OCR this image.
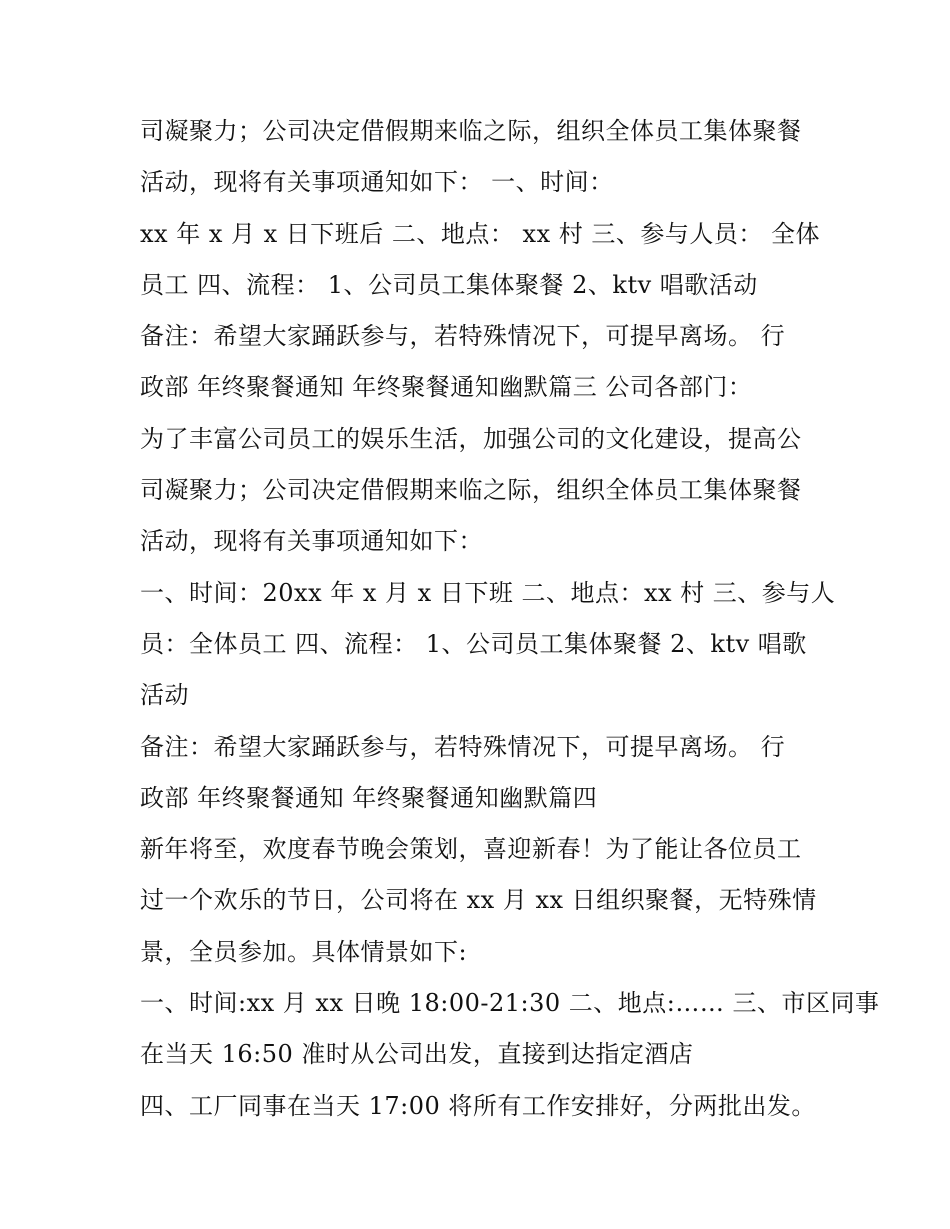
司凝聚力；公司决定借假期来临之际，组织全体员工集体聚餐
活动，现将有关事项通知如下： 一、时间：
xx 年 x 月 x 日下班后 二、地点： xx 村 三、参与人员： 全体
员工 四、流程： 1、公司员工集体聚餐 2、ktv 唱歌活动
备注：希望大家踊跃参与，若特殊情况下，可提早离场。 行
政部 年终聚餐通知 年终聚餐通知幽默篇三 公司各部门：
为了丰富公司员工的娱乐生活，加强公司的文化建设，提高公
司凝聚力；公司决定借假期来临之际，组织全体员工集体聚餐
活动，现将有关事项通知如下：
一、时间：20xx 年 x 月 x 日下班 二、地点：xx 村 三、参与人
员：全体员工 四、流程： 1、公司员工集体聚餐 2、ktv 唱歌
活动
备注：希望大家踊跃参与，若特殊情况下，可提早离场。 行
政部 年终聚餐通知 年终聚餐通知幽默篇四
新年将至，欢度春节晚会策划，喜迎新春！为了能让各位员工
过一个欢乐的节日，公司将在 xx 月 xx 日组织聚餐，无特殊情
景，全员参加。具体情景如下:
一、时间:xx 月 xx 日晚 18:00-21:30 二、地点:…… 三、市区同事
在当天 16:50 准时从公司出发，直接到达指定酒店
四、工厂同事在当天 17:00 将所有工作安排好，分两批出发。
